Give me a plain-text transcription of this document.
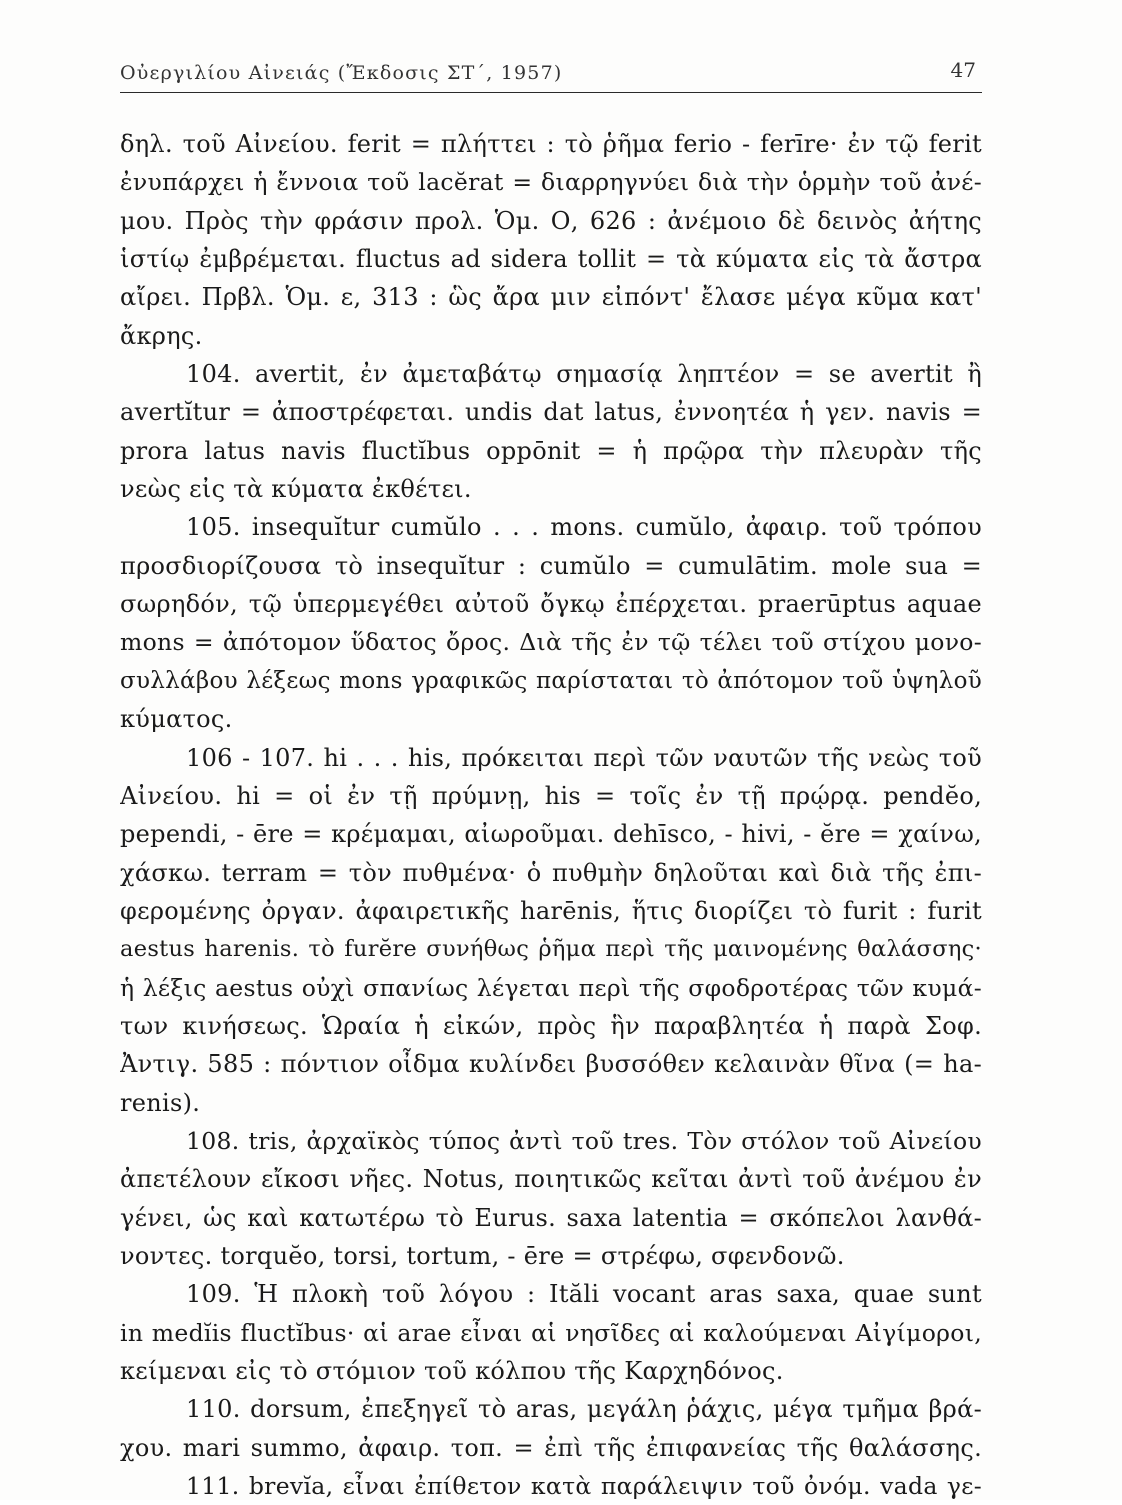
Οὐεργιλίου Αἰνειάς (Ἔκδοσις ΣΤ΄, 1957)	47
δηλ. τοῦ Αἰνείου. ferit = πλήττει : τὸ ῥῆμα ferio - ferīre· ἐν τῷ ferit
ἐνυπάρχει ἡ ἔννοια τοῦ lacĕrat = διαρρηγνύει διὰ τὴν ὁρμὴν τοῦ ἀνέ-
μου. Πρὸς τὴν φράσιν προλ. Ὁμ. Ο, 626 : ἀνέμοιο δὲ δεινὸς ἀήτης
ἱστίῳ ἐμβρέμεται. fluctus ad sidera tollit = τὰ κύματα εἰς τὰ ἄστρα
αἴρει. Πρβλ. Ὁμ. ε, 313 : ὣς ἄρα μιν εἰπόντ' ἔλασε μέγα κῦμα κατ'
ἄκρης.
104. avertit, ἐν ἀμεταβάτῳ σημασίᾳ ληπτέον = se avertit ἢ
avertĭtur = ἀποστρέφεται. undis dat latus, ἐννοητέα ἡ γεν. navis =
prora latus navis fluctĭbus oppōnit = ἡ πρῷρα τὴν πλευρὰν τῆς
νεὼς εἰς τὰ κύματα ἐκθέτει.
105. insequĭtur cumŭlo . . . mons. cumŭlo, ἀφαιρ. τοῦ τρόπου
προσδιορίζουσα τὸ insequĭtur : cumŭlo = cumulātim. mole sua =
σωρηδόν, τῷ ὑπερμεγέθει αὐτοῦ ὄγκῳ ἐπέρχεται. praerūptus aquae
mons = ἀπότομον ὕδατος ὄρος. Διὰ τῆς ἐν τῷ τέλει τοῦ στίχου μονο-
συλλάβου λέξεως mons γραφικῶς παρίσταται τὸ ἀπότομον τοῦ ὑψηλοῦ
κύματος.
106 - 107. hi . . . his, πρόκειται περὶ τῶν ναυτῶν τῆς νεὼς τοῦ
Αἰνείου. hi = οἱ ἐν τῇ πρύμνῃ, his = τοῖς ἐν τῇ πρῴρᾳ. pendĕo,
pependi, - ēre = κρέμαμαι, αἰωροῦμαι. dehīsco, - hivi, - ĕre = χαίνω,
χάσκω. terram = τὸν πυθμένα· ὁ πυθμὴν δηλοῦται καὶ διὰ τῆς ἐπι-
φερομένης ὀργαν. ἀφαιρετικῆς harēnis, ἥτις διορίζει τὸ furit : furit
aestus harenis. τὸ furĕre συνήθως ῥῆμα περὶ τῆς μαινομένης θαλάσσης·
ἡ λέξις aestus οὐχὶ σπανίως λέγεται περὶ τῆς σφοδροτέρας τῶν κυμά-
των κινήσεως. Ὡραία ἡ εἰκών, πρὸς ἣν παραβλητέα ἡ παρὰ Σοφ.
Ἀντιγ. 585 : πόντιον οἶδμα κυλίνδει βυσσόθεν κελαινὰν θῖνα (= ha-
renis).
108. tris, ἀρχαϊκὸς τύπος ἀντὶ τοῦ tres. Τὸν στόλον τοῦ Αἰνείου
ἀπετέλουν εἴκοσι νῆες. Notus, ποιητικῶς κεῖται ἀντὶ τοῦ ἀνέμου ἐν
γένει, ὡς καὶ κατωτέρω τὸ Eurus. saxa latentia = σκόπελοι λανθά-
νοντες. torquĕo, torsi, tortum, - ēre = στρέφω, σφενδονῶ.
109. Ἡ πλοκὴ τοῦ λόγου : Ităli vocant aras saxa, quae sunt
in medĭis fluctĭbus· αἱ arae εἶναι αἱ νησῖδες αἱ καλούμεναι Αἰγίμοροι,
κείμεναι εἰς τὸ στόμιον τοῦ κόλπου τῆς Καρχηδόνος.
110. dorsum, ἐπεξηγεῖ τὸ aras, μεγάλη ῥάχις, μέγα τμῆμα βρά-
χου. mari summo, ἀφαιρ. τοπ. = ἐπὶ τῆς ἐπιφανείας τῆς θαλάσσης.
111. brevĭa, εἶναι ἐπίθετον κατὰ παράλειψιν τοῦ ὀνόμ. vada γε-
